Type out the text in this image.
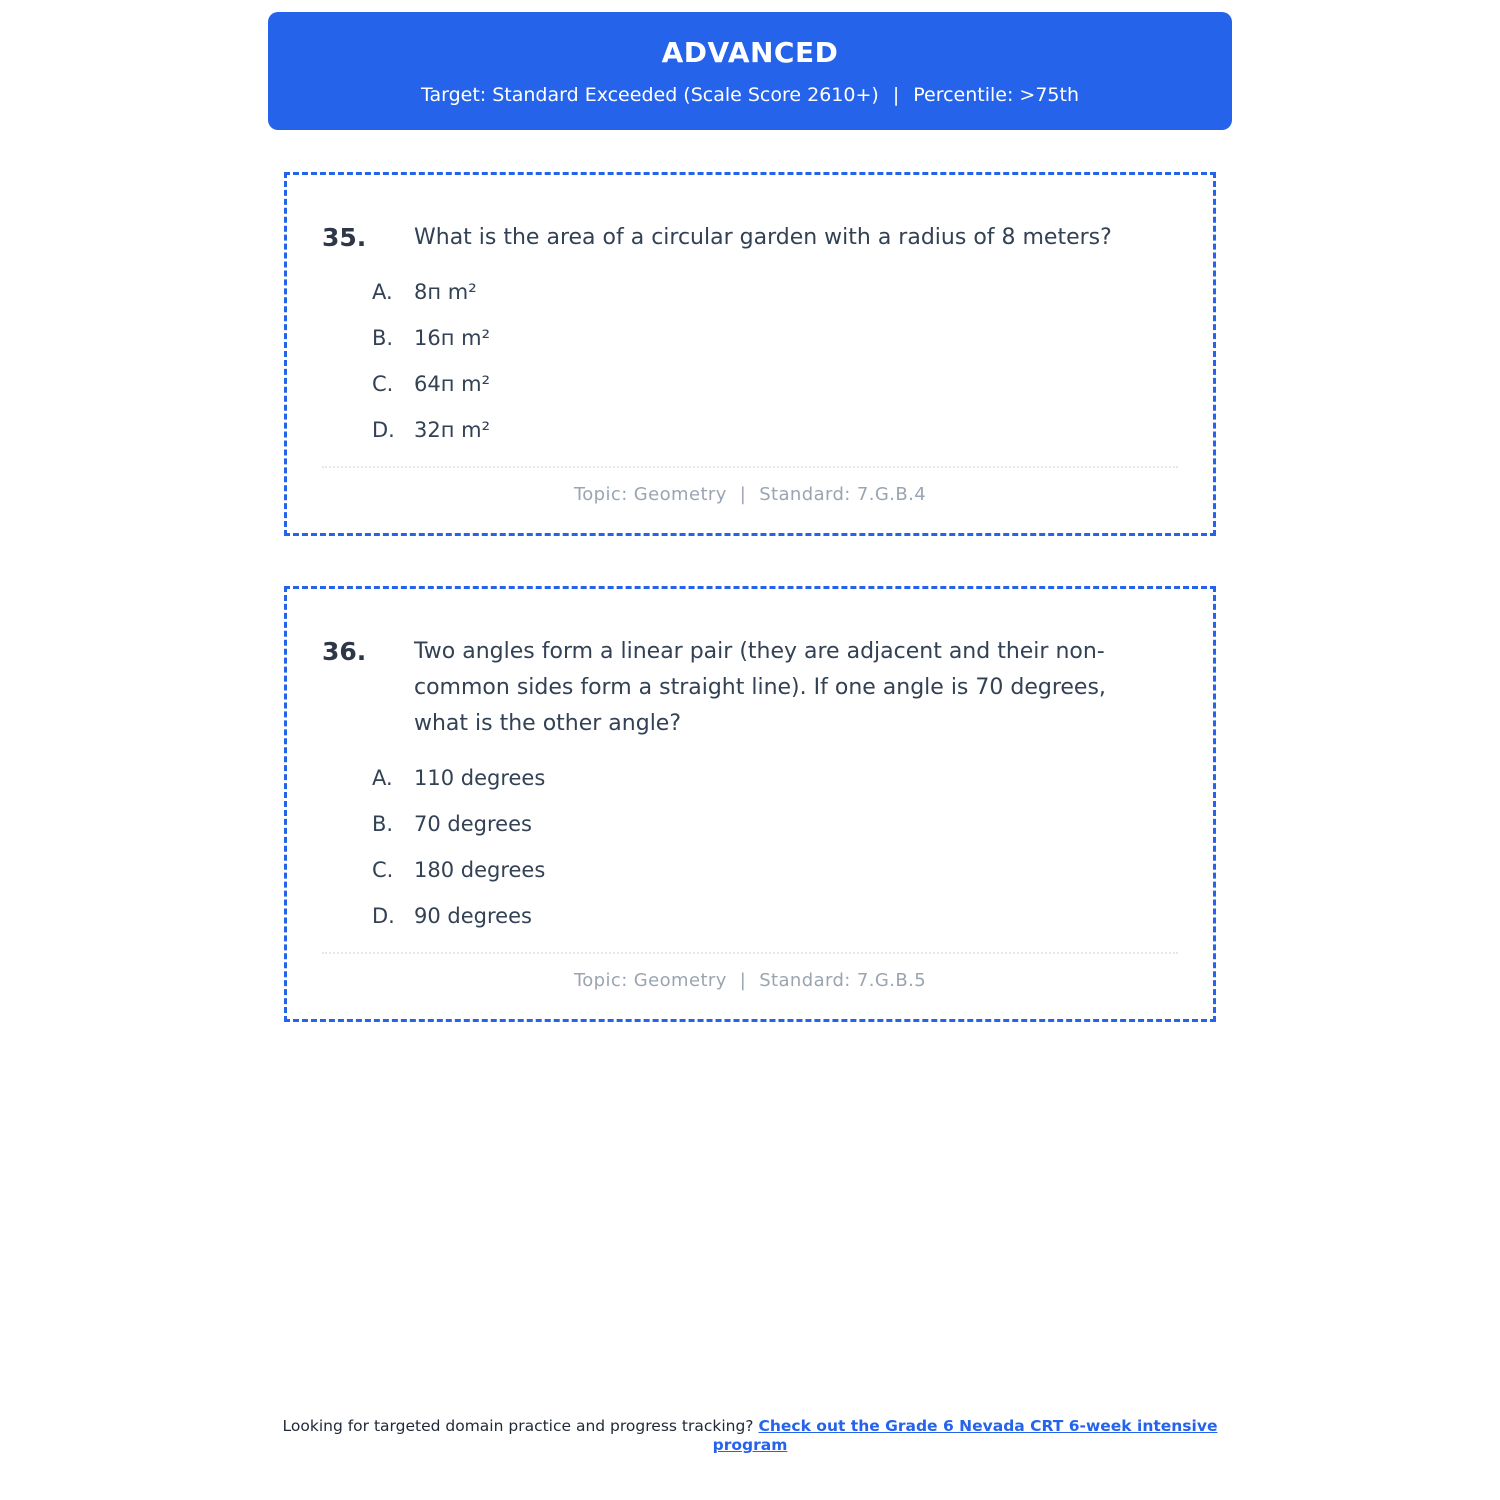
ADVANCED
Target: Standard Exceeded (Scale Score 2610+) | Percentile: >75th
35.	What is the area of a circular garden with a radius of 8 meters?
A.	8п m²
B. 16п m²
C. 64п m²
D. 32п m²
Topic: Geometry | Standard: 7.G.B.4
36.	Two angles form a linear pair (they are adjacent and their non-common sides form a straight line). If one angle is 70 degrees, what is the other angle?
A.	110 degrees
B. 70 degrees
C. 180 degrees
D. 90 degrees
Topic: Geometry | Standard: 7.G.B.5
Looking for targeted domain practice and progress tracking? Check out the Grade 6 Nevada CRT 6-week intensive program
